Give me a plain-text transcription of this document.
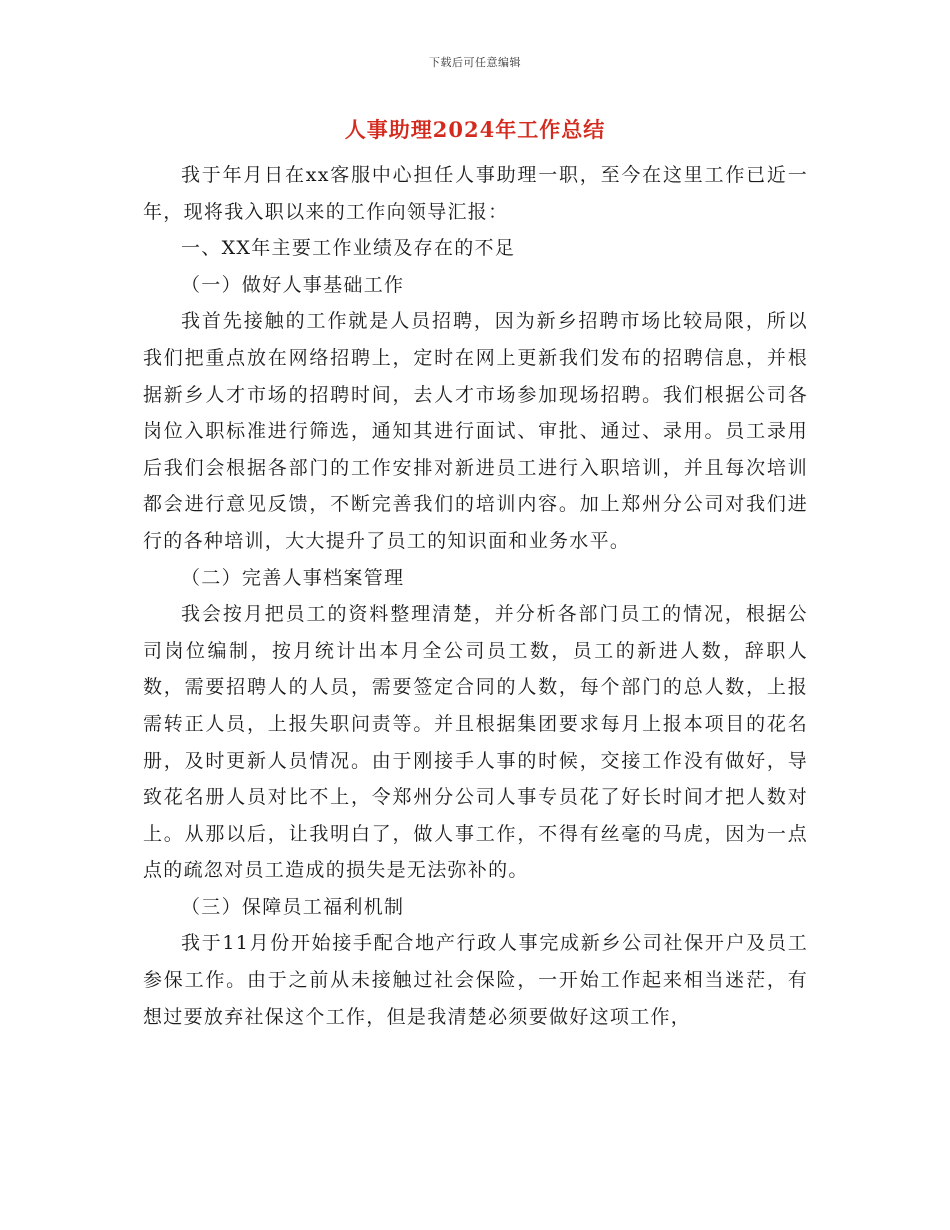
下载后可任意编辑
人事助理2024年工作总结

我于年月日在xx客服中心担任人事助理一职，至今在这里工作已近一年，现将我入职以来的工作向领导汇报：

一、XX年主要工作业绩及存在的不足

（一）做好人事基础工作

我首先接触的工作就是人员招聘，因为新乡招聘市场比较局限，所以我们把重点放在网络招聘上，定时在网上更新我们发布的招聘信息，并根据新乡人才市场的招聘时间，去人才市场参加现场招聘。我们根据公司各岗位入职标准进行筛选，通知其进行面试、审批、通过、录用。员工录用后我们会根据各部门的工作安排对新进员工进行入职培训，并且每次培训都会进行意见反馈，不断完善我们的培训内容。加上郑州分公司对我们进行的各种培训，大大提升了员工的知识面和业务水平。

（二）完善人事档案管理

我会按月把员工的资料整理清楚，并分析各部门员工的情况，根据公司岗位编制，按月统计出本月全公司员工数，员工的新进人数，辞职人数，需要招聘人的人员，需要签定合同的人数，每个部门的总人数，上报需转正人员，上报失职问责等。并且根据集团要求每月上报本项目的花名册，及时更新人员情况。由于刚接手人事的时候，交接工作没有做好，导致花名册人员对比不上，令郑州分公司人事专员花了好长时间才把人数对上。从那以后，让我明白了，做人事工作，不得有丝毫的马虎，因为一点点的疏忽对员工造成的损失是无法弥补的。

（三）保障员工福利机制

我于11月份开始接手配合地产行政人事完成新乡公司社保开户及员工参保工作。由于之前从未接触过社会保险，一开始工作起来相当迷茫，有想过要放弃社保这个工作，但是我清楚必须要做好这项工作，
